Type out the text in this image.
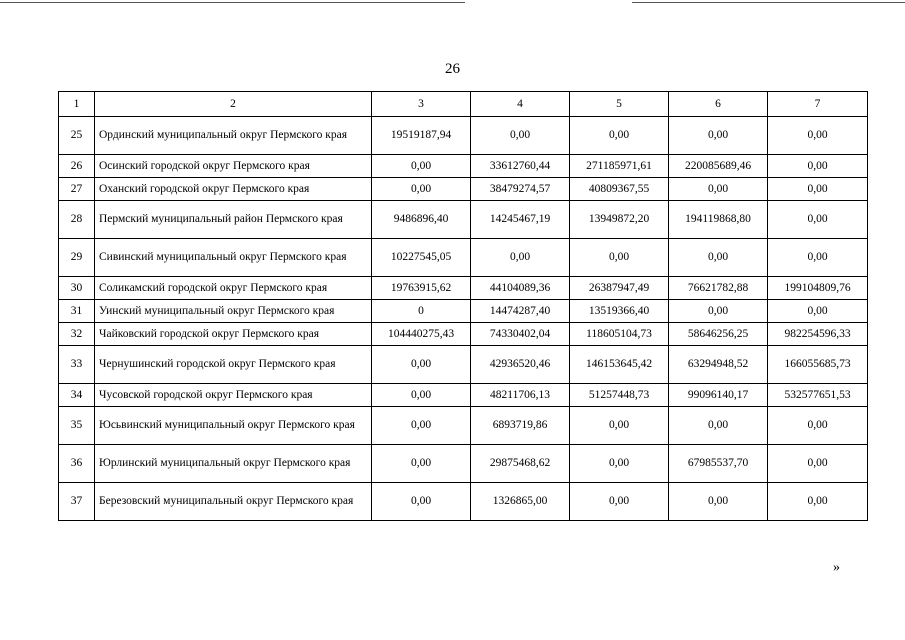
26
1	2	3	4	5	6	7
25	Ординский муниципальный округ Пермского края	19519187,94	0,00	0,00	0,00	0,00
26	Осинский городской округ Пермского края	0,00	33612760,44	271185971,61	220085689,46	0,00
27	Оханский городской округ Пермского края	0,00	38479274,57	40809367,55	0,00	0,00
28	Пермский муниципальный район Пермского края	9486896,40	14245467,19	13949872,20	194119868,80	0,00
29	Сивинский муниципальный округ Пермского края	10227545,05	0,00	0,00	0,00	0,00
30	Соликамский городской округ Пермского края	19763915,62	44104089,36	26387947,49	76621782,88	199104809,76
31	Уинский муниципальный округ Пермского края	0	14474287,40	13519366,40	0,00	0,00
32	Чайковский городской округ Пермского края	104440275,43	74330402,04	118605104,73	58646256,25	982254596,33
33	Чернушинский городской округ Пермского края	0,00	42936520,46	146153645,42	63294948,52	166055685,73
34	Чусовской городской округ Пермского края	0,00	48211706,13	51257448,73	99096140,17	532577651,53
35	Юсьвинский муниципальный округ Пермского края	0,00	6893719,86	0,00	0,00	0,00
36	Юрлинский муниципальный округ Пермского края	0,00	29875468,62	0,00	67985537,70	0,00
37	Березовский муниципальный округ Пермского края	0,00	1326865,00	0,00	0,00	0,00
»
